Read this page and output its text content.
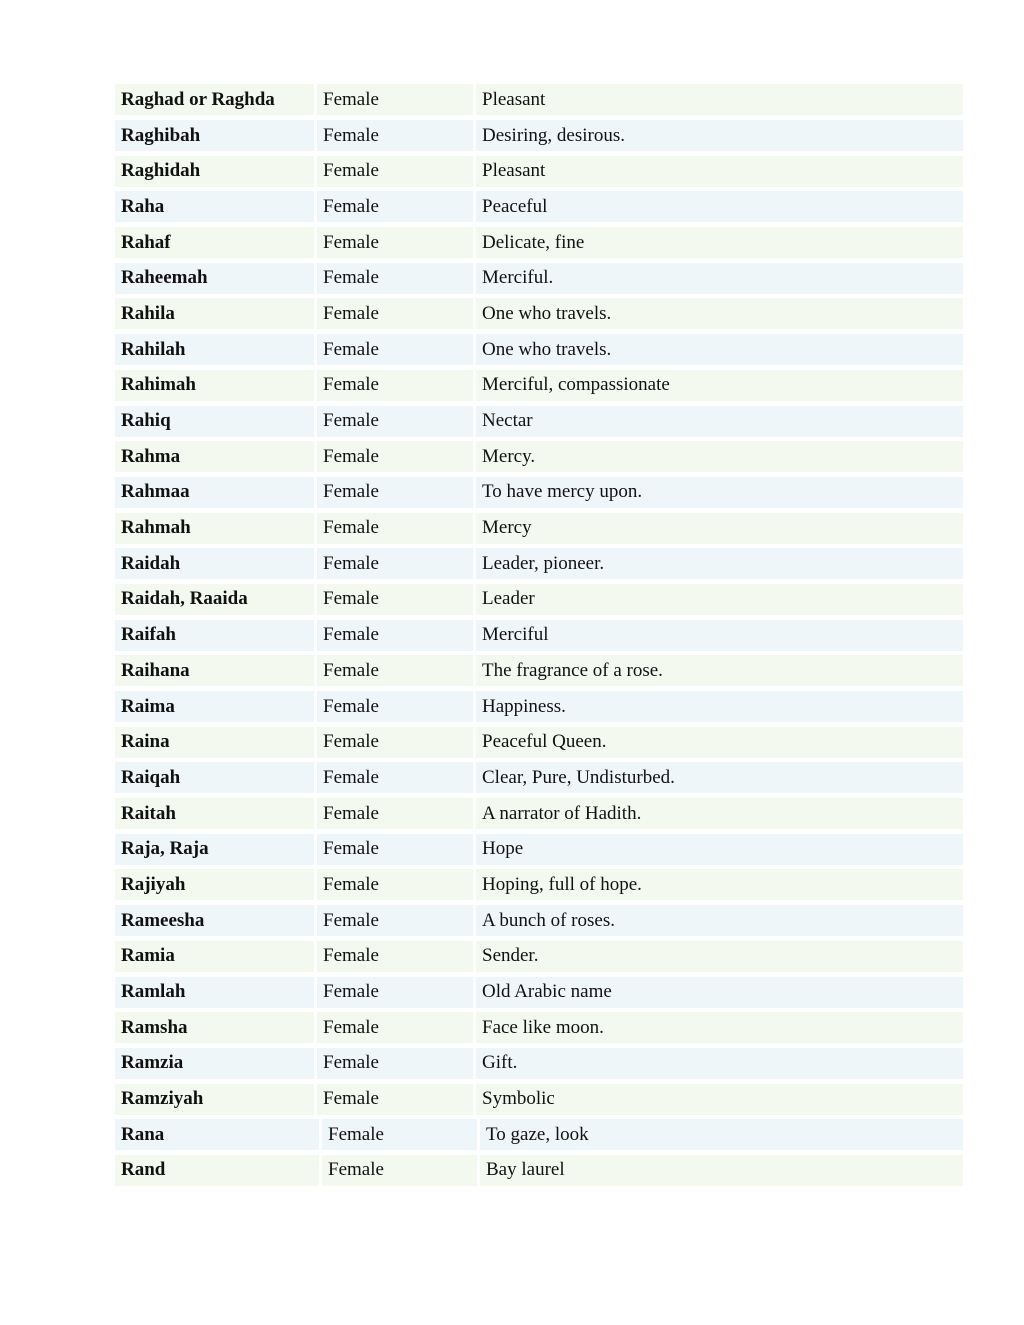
Raghad or Raghda	Female	Pleasant
Raghibah	Female	Desiring, desirous.
Raghidah	Female	Pleasant
Raha	Female	Peaceful
Rahaf	Female	Delicate, fine
Raheemah	Female	Merciful.
Rahila	Female	One who travels.
Rahilah	Female	One who travels.
Rahimah	Female	Merciful, compassionate
Rahiq	Female	Nectar
Rahma	Female	Mercy.
Rahmaa	Female	To have mercy upon.
Rahmah	Female	Mercy
Raidah	Female	Leader, pioneer.
Raidah, Raaida	Female	Leader
Raifah	Female	Merciful
Raihana	Female	The fragrance of a rose.
Raima	Female	Happiness.
Raina	Female	Peaceful Queen.
Raiqah	Female	Clear, Pure, Undisturbed.
Raitah	Female	A narrator of Hadith.
Raja, Raja	Female	Hope
Rajiyah	Female	Hoping, full of hope.
Rameesha	Female	A bunch of roses.
Ramia	Female	Sender.
Ramlah	Female	Old Arabic name
Ramsha	Female	Face like moon.
Ramzia	Female	Gift.
Ramziyah	Female	Symbolic
Rana	Female	To gaze, look
Rand	Female	Bay laurel
